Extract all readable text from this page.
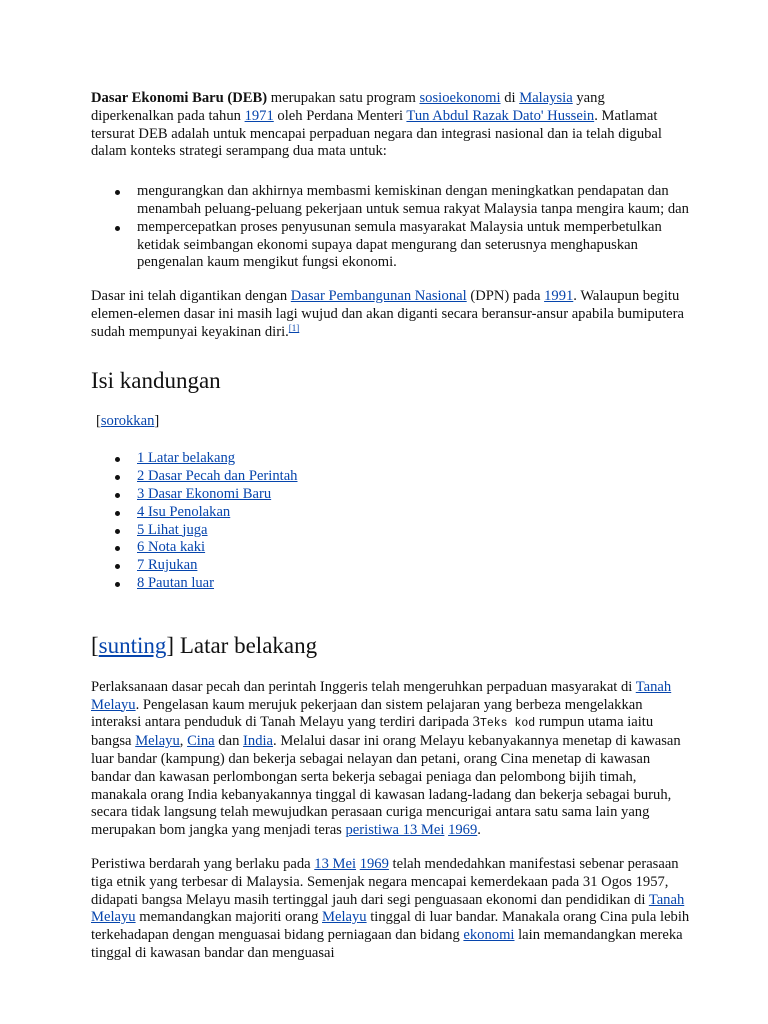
Dasar Ekonomi Baru (DEB) merupakan satu program sosioekonomi di Malaysia yang diperkenalkan pada tahun 1971 oleh Perdana Menteri Tun Abdul Razak Dato' Hussein. Matlamat tersurat DEB adalah untuk mencapai perpaduan negara dan integrasi nasional dan ia telah digubal dalam konteks strategi serampang dua mata untuk:

mengurangkan dan akhirnya membasmi kemiskinan dengan meningkatkan pendapatan dan menambah peluang-peluang pekerjaan untuk semua rakyat Malaysia tanpa mengira kaum; dan
mempercepatkan proses penyusunan semula masyarakat Malaysia untuk memperbetulkan ketidak seimbangan ekonomi supaya dapat mengurang dan seterusnya menghapuskan pengenalan kaum mengikut fungsi ekonomi.

Dasar ini telah digantikan dengan Dasar Pembangunan Nasional (DPN) pada 1991. Walaupun begitu elemen-elemen dasar ini masih lagi wujud dan akan diganti secara beransur-ansur apabila bumiputera sudah mempunyai keyakinan diri.[1]

Isi kandungan
[sorokkan]
1 Latar belakang
2 Dasar Pecah dan Perintah
3 Dasar Ekonomi Baru
4 Isu Penolakan
5 Lihat juga
6 Nota kaki
7 Rujukan
8 Pautan luar
[sunting] Latar belakang

Perlaksanaan dasar pecah dan perintah Inggeris telah mengeruhkan perpaduan masyarakat di Tanah Melayu. Pengelasan kaum merujuk pekerjaan dan sistem pelajaran yang berbeza mengelakkan interaksi antara penduduk di Tanah Melayu yang terdiri daripada 3Teks kod rumpun utama iaitu bangsa Melayu, Cina dan India. Melalui dasar ini orang Melayu kebanyakannya menetap di kawasan luar bandar (kampung) dan bekerja sebagai nelayan dan petani, orang Cina menetap di kawasan bandar dan kawasan perlombongan serta bekerja sebagai peniaga dan pelombong bijih timah, manakala orang India kebanyakannya tinggal di kawasan ladang-ladang dan bekerja sebagai buruh, secara tidak langsung telah mewujudkan perasaan curiga mencurigai antara satu sama lain yang merupakan bom jangka yang menjadi teras peristiwa 13 Mei 1969.

Peristiwa berdarah yang berlaku pada 13 Mei 1969 telah mendedahkan manifestasi sebenar perasaan tiga etnik yang terbesar di Malaysia. Semenjak negara mencapai kemerdekaan pada 31 Ogos 1957, didapati bangsa Melayu masih tertinggal jauh dari segi penguasaan ekonomi dan pendidikan di Tanah Melayu memandangkan majoriti orang Melayu tinggal di luar bandar. Manakala orang Cina pula lebih terkehadapan dengan menguasai bidang perniagaan dan bidang ekonomi lain memandangkan mereka tinggal di kawasan bandar dan menguasai
